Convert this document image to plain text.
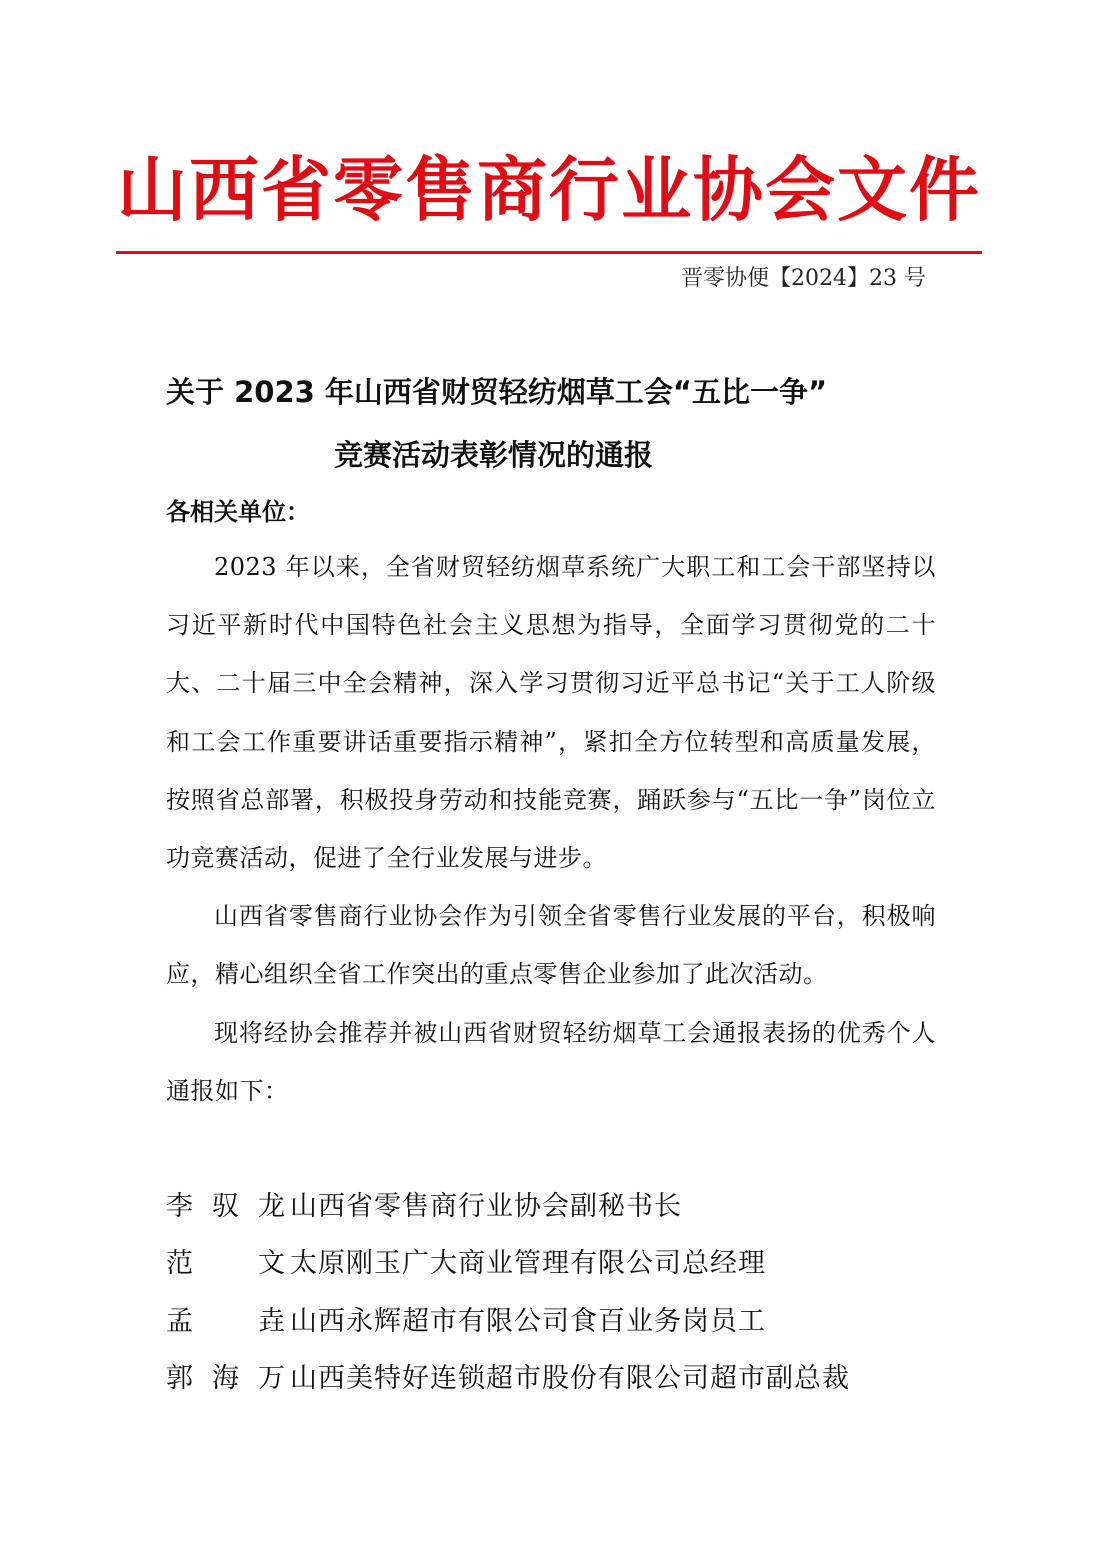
山西省零售商行业协会文件
晋零协便【2024】23 号
关于 2023 年山西省财贸轻纺烟草工会“五比一争”
竞赛活动表彰情况的通报
各相关单位：

2023 年以来，全省财贸轻纺烟草系统广大职工和工会干部坚持以习近平新时代中国特色社会主义思想为指导，全面学习贯彻党的二十大、二十届三中全会精神，深入学习贯彻习近平总书记“关于工人阶级和工会工作重要讲话重要指示精神”，紧扣全方位转型和高质量发展，按照省总部署，积极投身劳动和技能竞赛，踊跃参与“五比一争”岗位立功竞赛活动，促进了全行业发展与进步。

山西省零售商行业协会作为引领全省零售行业发展的平台，积极响应，精心组织全省工作突出的重点零售企业参加了此次活动。

现将经协会推荐并被山西省财贸轻纺烟草工会通报表扬的优秀个人通报如下：

李驭龙 山西省零售商行业协会副秘书长
范文 太原刚玉广大商业管理有限公司总经理
孟垚 山西永辉超市有限公司食百业务岗员工
郭海万 山西美特好连锁超市股份有限公司超市副总裁
